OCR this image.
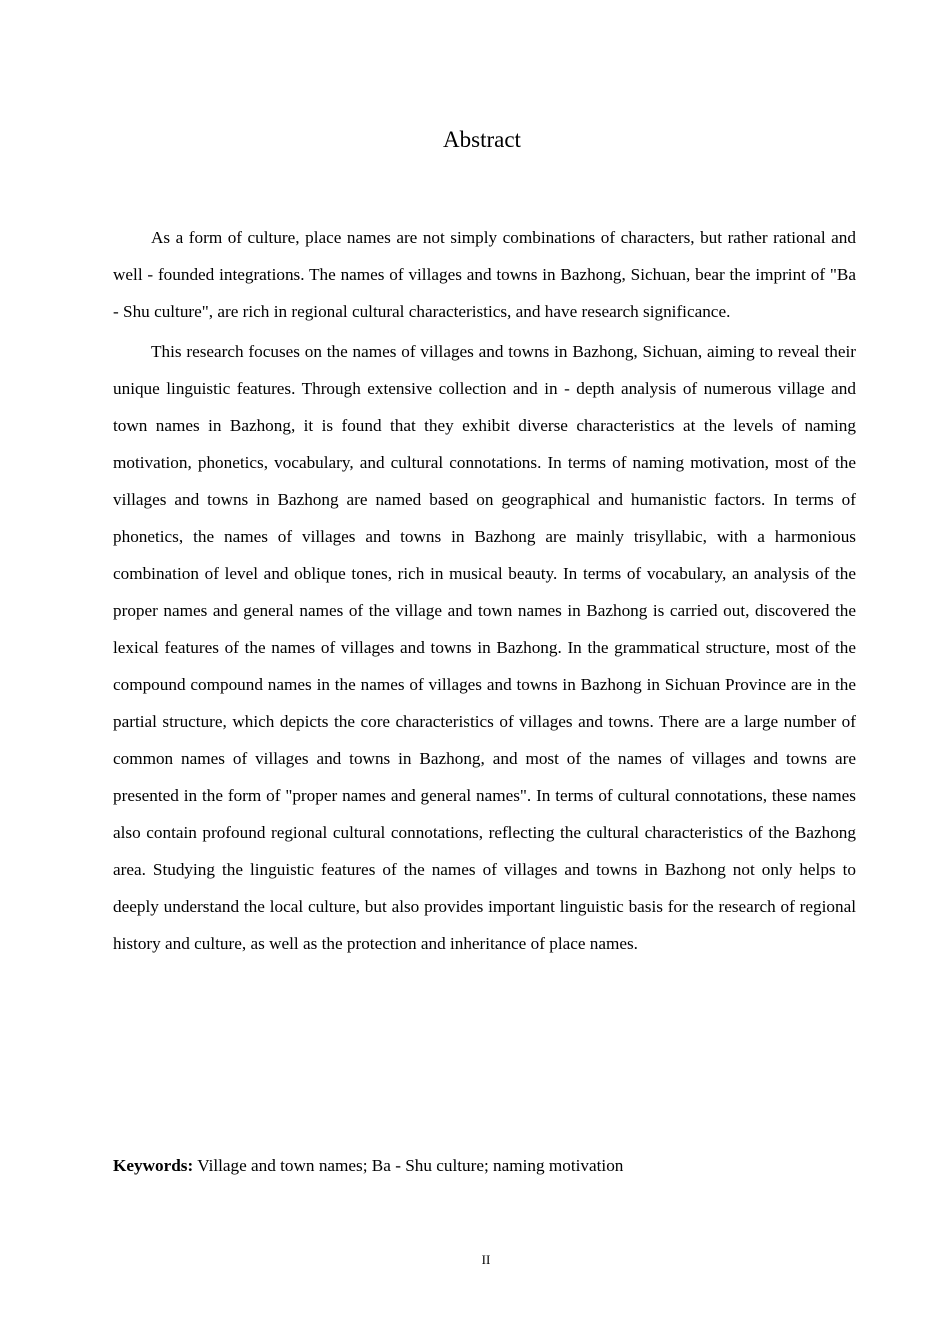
Abstract

As a form of culture, place names are not simply combinations of characters, but rather rational and well - founded integrations. The names of villages and towns in Bazhong, Sichuan, bear the imprint of "Ba - Shu culture", are rich in regional cultural characteristics, and have research significance.

This research focuses on the names of villages and towns in Bazhong, Sichuan, aiming to reveal their unique linguistic features. Through extensive collection and in - depth analysis of numerous village and town names in Bazhong, it is found that they exhibit diverse characteristics at the levels of naming motivation, phonetics, vocabulary, and cultural connotations. In terms of naming motivation, most of the villages and towns in Bazhong are named based on geographical and humanistic factors. In terms of phonetics, the names of villages and towns in Bazhong are mainly trisyllabic, with a harmonious combination of level and oblique tones, rich in musical beauty. In terms of vocabulary, an analysis of the proper names and general names of the village and town names in Bazhong is carried out, discovered the lexical features of the names of villages and towns in Bazhong. In the grammatical structure, most of the compound compound names in the names of villages and towns in Bazhong in Sichuan Province are in the partial structure, which depicts the core characteristics of villages and towns. There are a large number of common names of villages and towns in Bazhong, and most of the names of villages and towns are presented in the form of "proper names and general names". In terms of cultural connotations, these names also contain profound regional cultural connotations, reflecting the cultural characteristics of the Bazhong area. Studying the linguistic features of the names of villages and towns in Bazhong not only helps to deeply understand the local culture, but also provides important linguistic basis for the research of regional history and culture, as well as the protection and inheritance of place names.

Keywords: Village and town names; Ba - Shu culture; naming motivation

II
